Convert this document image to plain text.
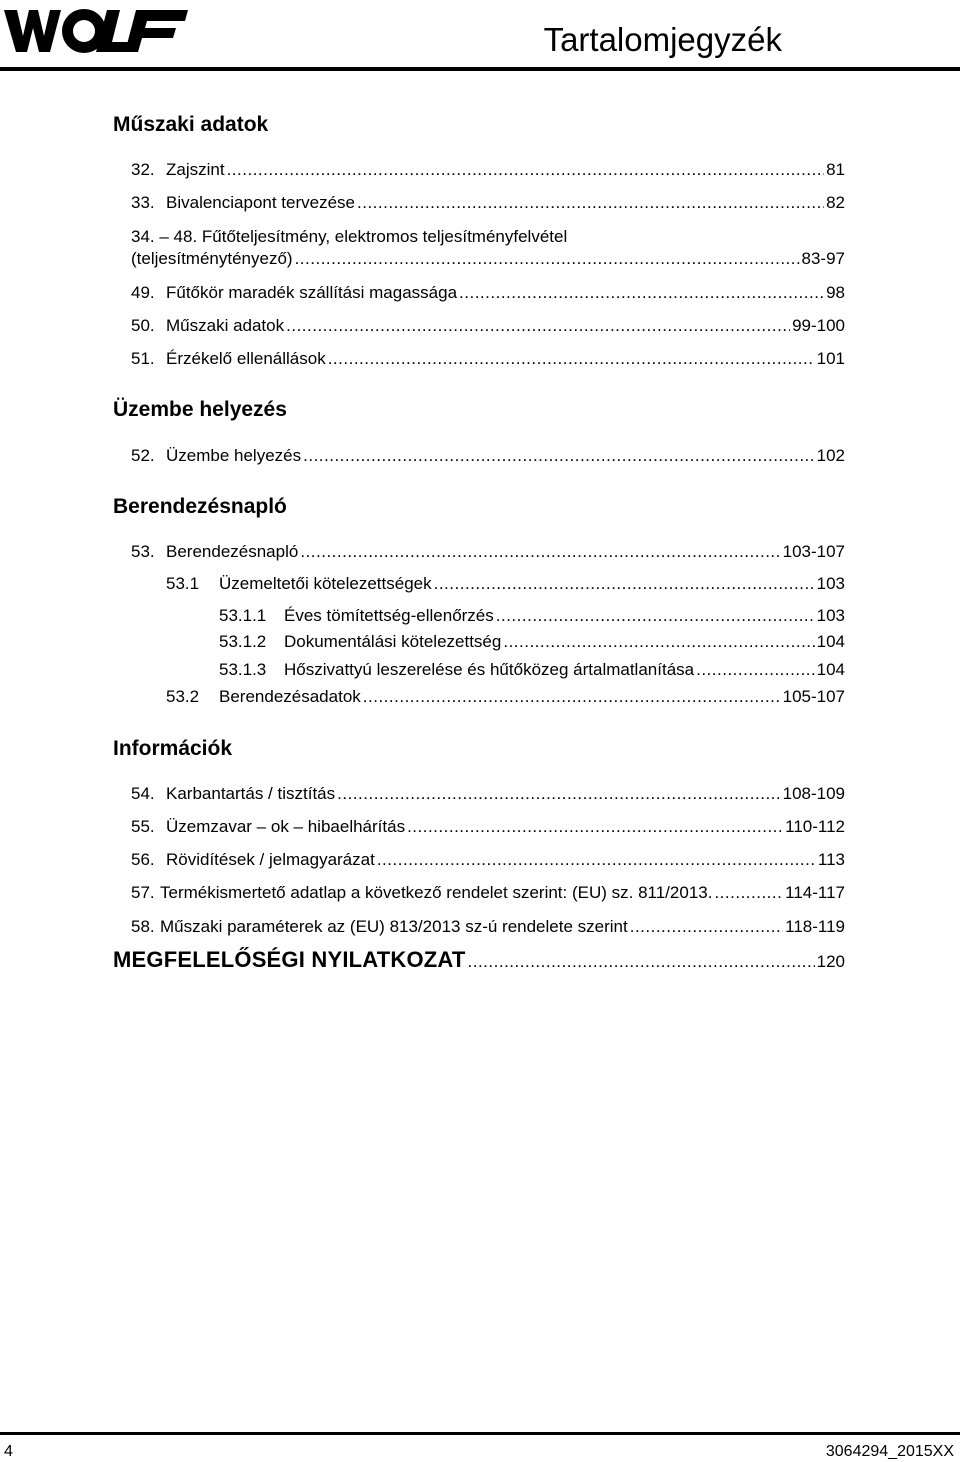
Tartalomjegyzék
Műszaki adatok
32. Zajszint .....	81
33. Bivalenciapont tervezése .....	82
34. – 48. Fűtőteljesítmény, elektromos teljesítményfelvétel
(teljesítménytényező) .....	83-97
49. Fűtőkör maradék szállítási magassága .....	98
50. Műszaki adatok .....	99-100
51. Érzékelő ellenállások .....	101
Üzembe helyezés
52. Üzembe helyezés .....	102
Berendezésnapló
53. Berendezésnapló .....	103-107
53.1	Üzemeltetői kötelezettségek .....	103
53.1.1	Éves tömítettség-ellenőrzés .....	103
53.1.2	Dokumentálási kötelezettség .....	104
53.1.3	Hőszivattyú leszerelése és hűtőközeg ártalmatlanítása .....	104
53.2	Berendezésadatok .....	105-107
Információk
54. Karbantartás / tisztítás .....	108-109
55. Üzemzavar – ok – hibaelhárítás .....	110-112
56. Rövidítések / jelmagyarázat .....	113
57. Termékismertető adatlap a következő rendelet szerint: (EU) sz. 811/2013. .....	114-117
58. Műszaki paraméterek az (EU) 813/2013 sz-ú rendelete szerint .....	118-119
MEGFELELŐSÉGI NYILATKOZAT .....	120
4	3064294_2015XX
